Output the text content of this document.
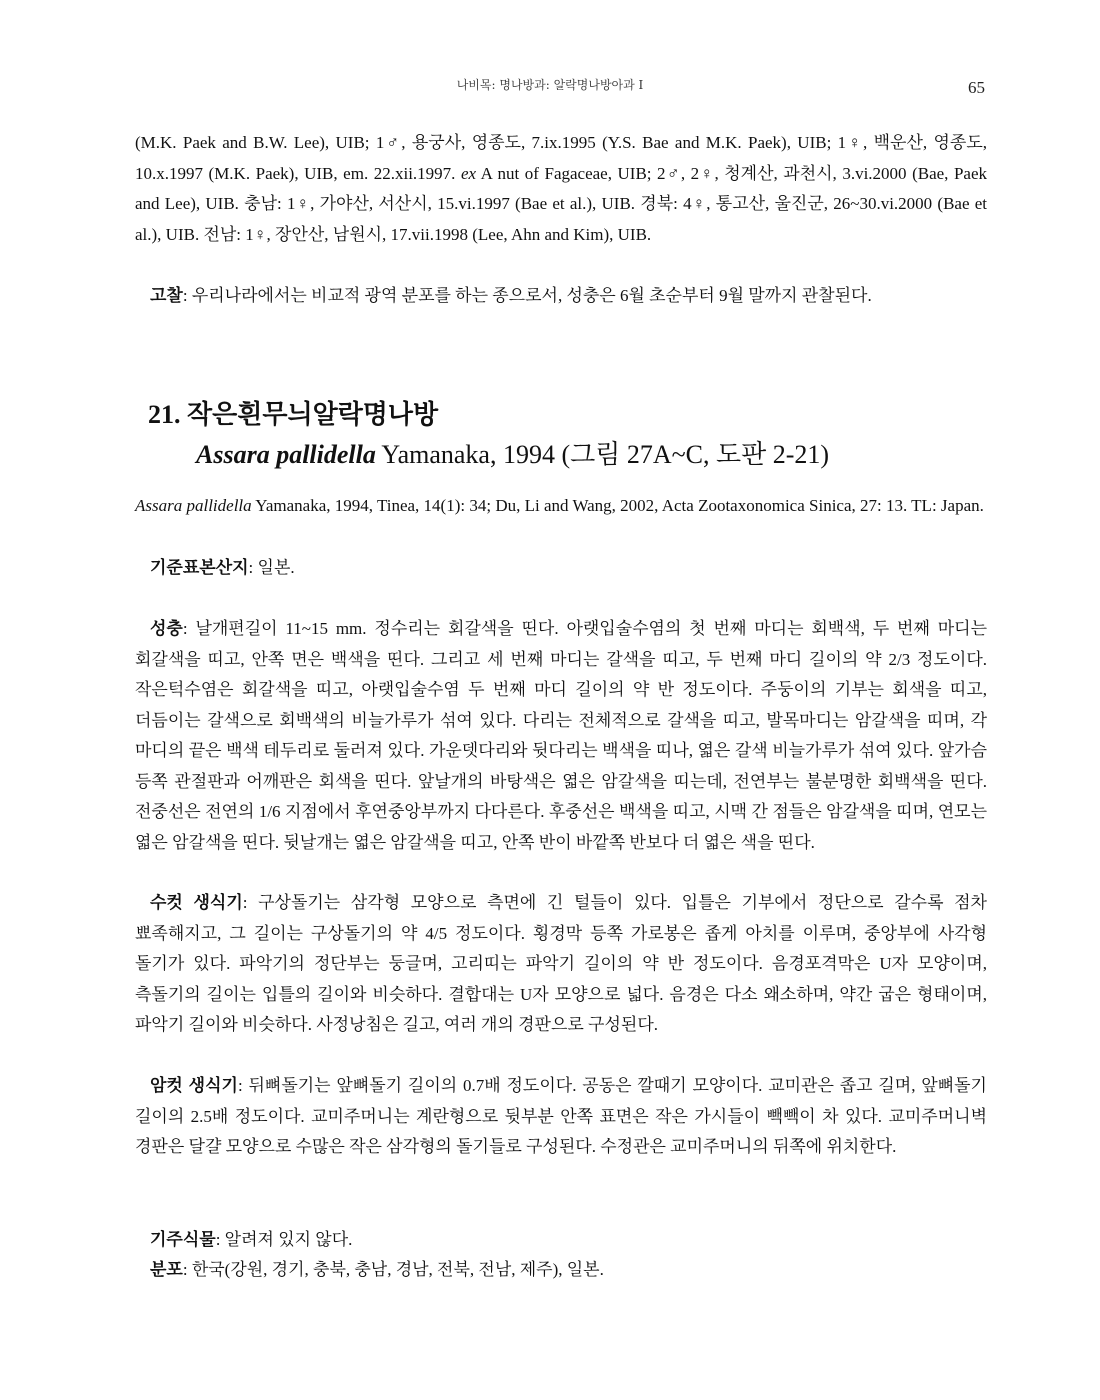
나비목: 명나방과: 알락명나방아과 I	65
(M.K. Paek and B.W. Lee), UIB; 1♂, 용궁사, 영종도, 7.ix.1995 (Y.S. Bae and M.K. Paek), UIB; 1♀, 백운산, 영종도, 10.x.1997 (M.K. Paek), UIB, em. 22.xii.1997. ex A nut of Fagaceae, UIB; 2♂, 2♀, 청계산, 과천시, 3.vi.2000 (Bae, Paek and Lee), UIB. 충남: 1♀, 가야산, 서산시, 15.vi.1997 (Bae et al.), UIB. 경북: 4♀, 통고산, 울진군, 26~30.vi.2000 (Bae et al.), UIB. 전남: 1♀, 장안산, 남원시, 17.vii.1998 (Lee, Ahn and Kim), UIB.
고찰: 우리나라에서는 비교적 광역 분포를 하는 종으로서, 성충은 6월 초순부터 9월 말까지 관찰된다.
21. 작은흰무늬알락명나방
Assara pallidella Yamanaka, 1994 (그림 27A~C, 도판 2-21)
Assara pallidella Yamanaka, 1994, Tinea, 14(1): 34; Du, Li and Wang, 2002, Acta Zootaxonomica Sinica, 27: 13. TL: Japan.
기준표본산지: 일본.
성충: 날개편길이 11~15 mm. 정수리는 회갈색을 띤다. 아랫입술수염의 첫 번째 마디는 회백색, 두 번째 마디는 회갈색을 띠고, 안쪽 면은 백색을 띤다. 그리고 세 번째 마디는 갈색을 띠고, 두 번째 마디 길이의 약 2/3 정도이다. 작은턱수염은 회갈색을 띠고, 아랫입술수염 두 번째 마디 길이의 약 반 정도이다. 주둥이의 기부는 회색을 띠고, 더듬이는 갈색으로 회백색의 비늘가루가 섞여 있다. 다리는 전체적으로 갈색을 띠고, 발목마디는 암갈색을 띠며, 각 마디의 끝은 백색 테두리로 둘러져 있다. 가운뎃다리와 뒷다리는 백색을 띠나, 엷은 갈색 비늘가루가 섞여 있다. 앞가슴 등쪽 관절판과 어깨판은 회색을 띤다. 앞날개의 바탕색은 엷은 암갈색을 띠는데, 전연부는 불분명한 회백색을 띤다. 전중선은 전연의 1/6 지점에서 후연중앙부까지 다다른다. 후중선은 백색을 띠고, 시맥 간 점들은 암갈색을 띠며, 연모는 엷은 암갈색을 띤다. 뒷날개는 엷은 암갈색을 띠고, 안쪽 반이 바깥쪽 반보다 더 엷은 색을 띤다.
수컷 생식기: 구상돌기는 삼각형 모양으로 측면에 긴 털들이 있다. 입틀은 기부에서 정단으로 갈수록 점차 뾰족해지고, 그 길이는 구상돌기의 약 4/5 정도이다. 횡경막 등쪽 가로봉은 좁게 아치를 이루며, 중앙부에 사각형 돌기가 있다. 파악기의 정단부는 둥글며, 고리띠는 파악기 길이의 약 반 정도이다. 음경포격막은 U자 모양이며, 측돌기의 길이는 입틀의 길이와 비슷하다. 결합대는 U자 모양으로 넓다. 음경은 다소 왜소하며, 약간 굽은 형태이며, 파악기 길이와 비슷하다. 사정낭침은 길고, 여러 개의 경판으로 구성된다.
암컷 생식기: 뒤뼈돌기는 앞뼈돌기 길이의 0.7배 정도이다. 공동은 깔때기 모양이다. 교미관은 좁고 길며, 앞뼈돌기 길이의 2.5배 정도이다. 교미주머니는 계란형으로 뒷부분 안쪽 표면은 작은 가시들이 빽빽이 차 있다. 교미주머니벽 경판은 달걀 모양으로 수많은 작은 삼각형의 돌기들로 구성된다. 수정관은 교미주머니의 뒤쪽에 위치한다.
기주식물: 알려져 있지 않다.
분포: 한국(강원, 경기, 충북, 충남, 경남, 전북, 전남, 제주), 일본.
